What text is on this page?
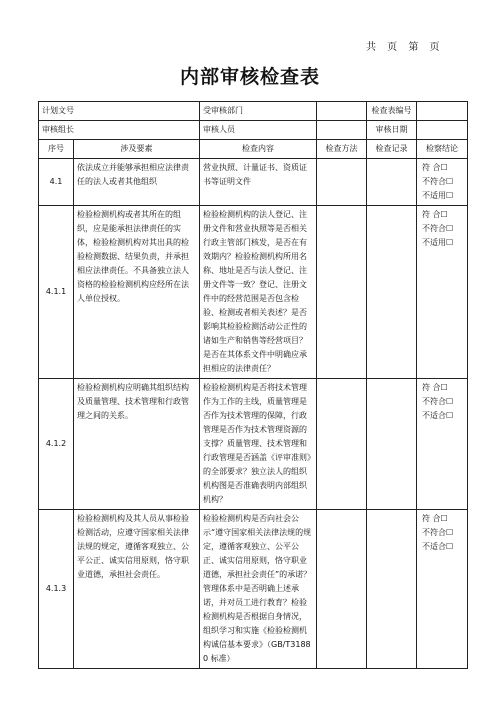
共 页 第 页
内部审核检查表
计划文号		受审核部门		检查表编号	
审核组长		审核人员		审核日期	
序号	涉及要素	检查内容	检查方法	检查记录	检察结论
4.1	依法成立并能够承担相应法律责任的法人或者其他组织	营业执照、计量证书、资质证书等证明文件			符 合☐
不符合☐
不适用☐

4.1.1	检验检测机构或者其所在的组织，应是能承担法律责任的实体，检验检测机构对其出具的检验检测数据、结果负责，并承担相应法律责任。不具备独立法人资格的检验检测机构应经所在法人单位授权。	检验检测机构的法人登记、注册文件和营业执照等是否相关行政主管部门核发，是否在有效期内？检验检测机构所用名称、地址是否与法人登记、注册文件等一致？登记、注册文件中的经营范围是否包含检验、检测或者相关表述？是否影响其检验检测活动公正性的诸如生产和销售等经营项目？是否在其体系文件中明确应承担相应的法律责任？			符 合☐
不符合☐
不适用☐

4.1.2	检验检测机构应明确其组织结构及质量管理、技术管理和行政管理之间的关系。	检验检测机构是否将技术管理作为工作的主线，质量管理是否作为技术管理的保障，行政管理是否作为技术管理资源的支撑？质量管理、技术管理和行政管理是否涵盖《评审准则》的全部要求？独立法人的组织机构图是否准确表明内部组织机构？			符 合☐
不符合☐
不适合☐

4.1.3	检验检测机构及其人员从事检验检测活动，应遵守国家相关法律法规的规定，遵循客观独立、公平公正、诚实信用原则，恪守职业道德，承担社会责任。	检验检测机构是否向社会公示“遵守国家相关法律法规的规定，遵循客观独立、公平公正、诚实信用原则，恪守职业道德，承担社会责任”的承诺？管理体系中是否明确上述承诺，并对员工进行教育？检验检测机构是否根据自身情况，组织学习和实施《检验检测机构诚信基本要求》（GB/T31880 标准）			符 合☐
不符合☐
不适合☐
